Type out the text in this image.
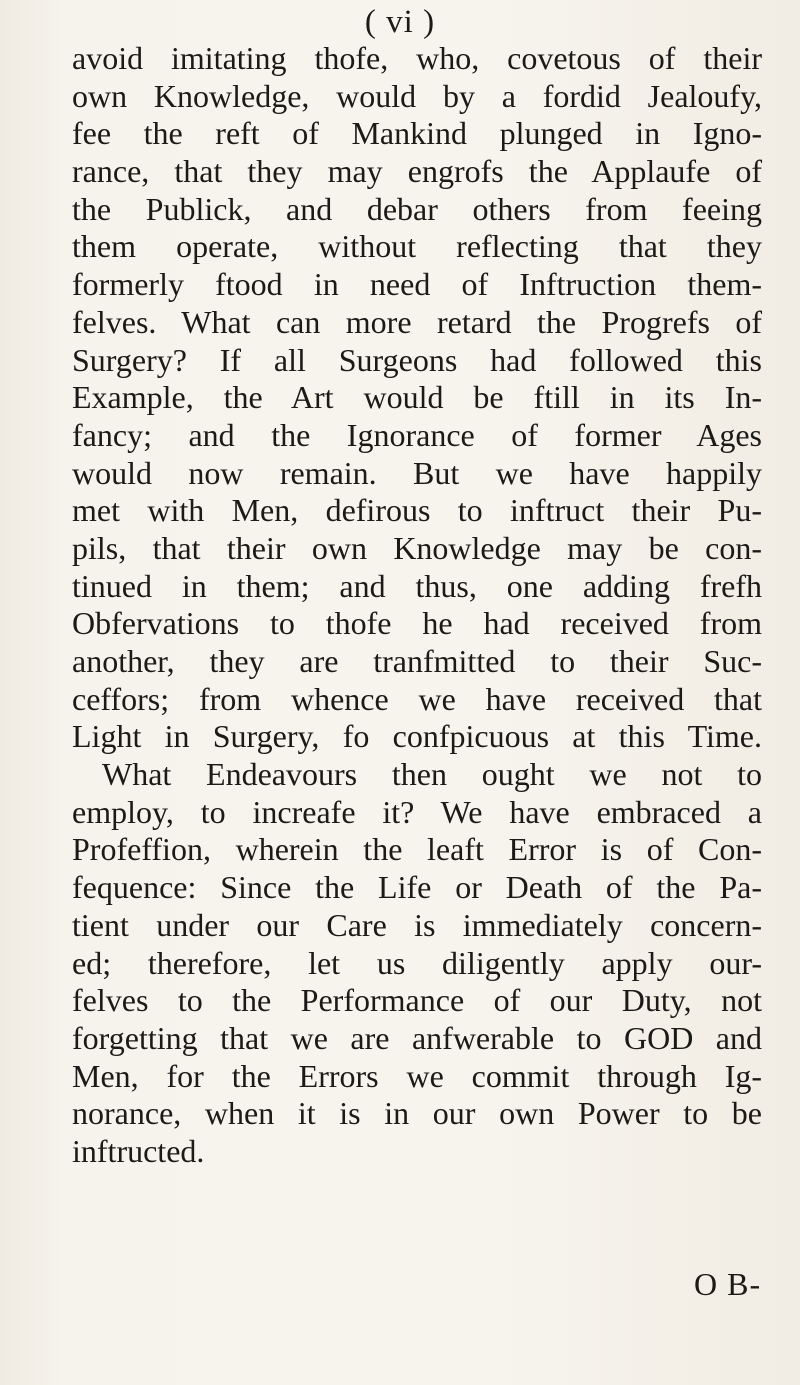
( vi )
avoid imitating thofe, who, covetous of their
own Knowledge, would by a fordid Jealoufy,
fee the reft of Mankind plunged in Igno-
rance, that they may engrofs the Applaufe of
the Publick, and debar others from feeing
them operate, without reflecting that they
formerly ftood in need of Inftruction them-
felves. What can more retard the Progrefs of
Surgery? If all Surgeons had followed this
Example, the Art would be ftill in its In-
fancy; and the Ignorance of former Ages
would now remain. But we have happily
met with Men, defirous to inftruct their Pu-
pils, that their own Knowledge may be con-
tinued in them; and thus, one adding frefh
Obfervations to thofe he had received from
another, they are tranfmitted to their Suc-
ceffors; from whence we have received that
Light in Surgery, fo confpicuous at this Time.
What Endeavours then ought we not to
employ, to increafe it? We have embraced a
Profeffion, wherein the leaft Error is of Con-
fequence: Since the Life or Death of the Pa-
tient under our Care is immediately concern-
ed; therefore, let us diligently apply our-
felves to the Performance of our Duty, not
forgetting that we are anfwerable to GOD and
Men, for the Errors we commit through Ig-
norance, when it is in our own Power to be
inftructed.
O B-
